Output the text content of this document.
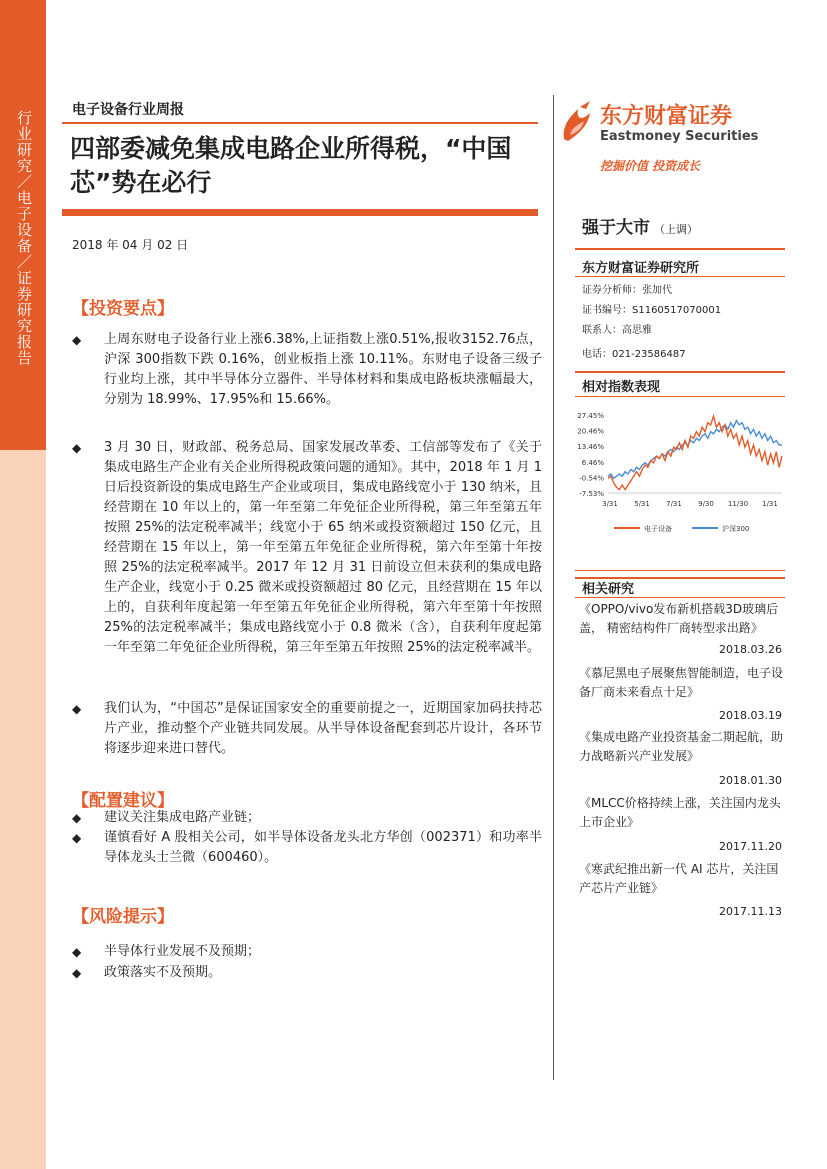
行业研究／电子设备／证券研究报告	电子设备行业周报
四部委减免集成电路企业所得税，“中国芯”势在必行
2018 年 04 月 02 日
东方财富证券
Eastmoney Securities
挖掘价值 投资成长
强于大市 （上调）
东方财富证券研究所
证券分析师：张加代
证书编号：S1160517070001
联系人：高思雅
电话：021-23586487
相对指数表现
27.45%
20.46%
13.46%
6.46%
-0.54%
-7.53%
3/31 5/31 7/31 9/30 11/30 1/31
电子设备	沪深300
相关研究
《OPPO/vivo发布新机搭载3D玻璃后盖， 精密结构件厂商转型求出路》
2018.03.26
《慕尼黑电子展聚焦智能制造，电子设备厂商未来看点十足》
2018.03.19
《集成电路产业投资基金二期起航，助力战略新兴产业发展》
2018.01.30
《MLCC价格持续上涨，关注国内龙头上市企业》
2017.11.20
《寒武纪推出新一代 AI 芯片，关注国产芯片产业链》
2017.11.13
【投资要点】
◆ 上周东财电子设备行业上涨6.38%,上证指数上涨0.51%,报收3152.76点，沪深 300指数下跌 0.16%，创业板指上涨 10.11%。东财电子设备三级子行业均上涨，其中半导体分立器件、半导体材料和集成电路板块涨幅最大，分别为 18.99%、17.95%和 15.66%。
◆ 3 月 30 日，财政部、税务总局、国家发展改革委、工信部等发布了《关于集成电路生产企业有关企业所得税政策问题的通知》。其中，2018 年 1 月 1 日后投资新设的集成电路生产企业或项目，集成电路线宽小于 130 纳米，且经营期在 10 年以上的，第一年至第二年免征企业所得税，第三年至第五年按照 25%的法定税率减半；线宽小于 65 纳米或投资额超过 150 亿元，且经营期在 15 年以上，第一年至第五年免征企业所得税，第六年至第十年按照 25%的法定税率减半。2017 年 12 月 31 日前设立但未获利的集成电路生产企业，线宽小于 0.25 微米或投资额超过 80 亿元，且经营期在 15 年以上的，自获利年度起第一年至第五年免征企业所得税，第六年至第十年按照 25%的法定税率减半；集成电路线宽小于 0.8 微米（含），自获利年度起第一年至第二年免征企业所得税，第三年至第五年按照 25%的法定税率减半。
◆ 我们认为，“中国芯”是保证国家安全的重要前提之一，近期国家加码扶持芯片产业，推动整个产业链共同发展。从半导体设备配套到芯片设计，各环节将逐步迎来进口替代。
【配置建议】
◆ 建议关注集成电路产业链；
◆ 谨慎看好 A 股相关公司，如半导体设备龙头北方华创（002371）和功率半导体龙头士兰微（600460）。
【风险提示】
◆ 半导体行业发展不及预期；
◆ 政策落实不及预期。
